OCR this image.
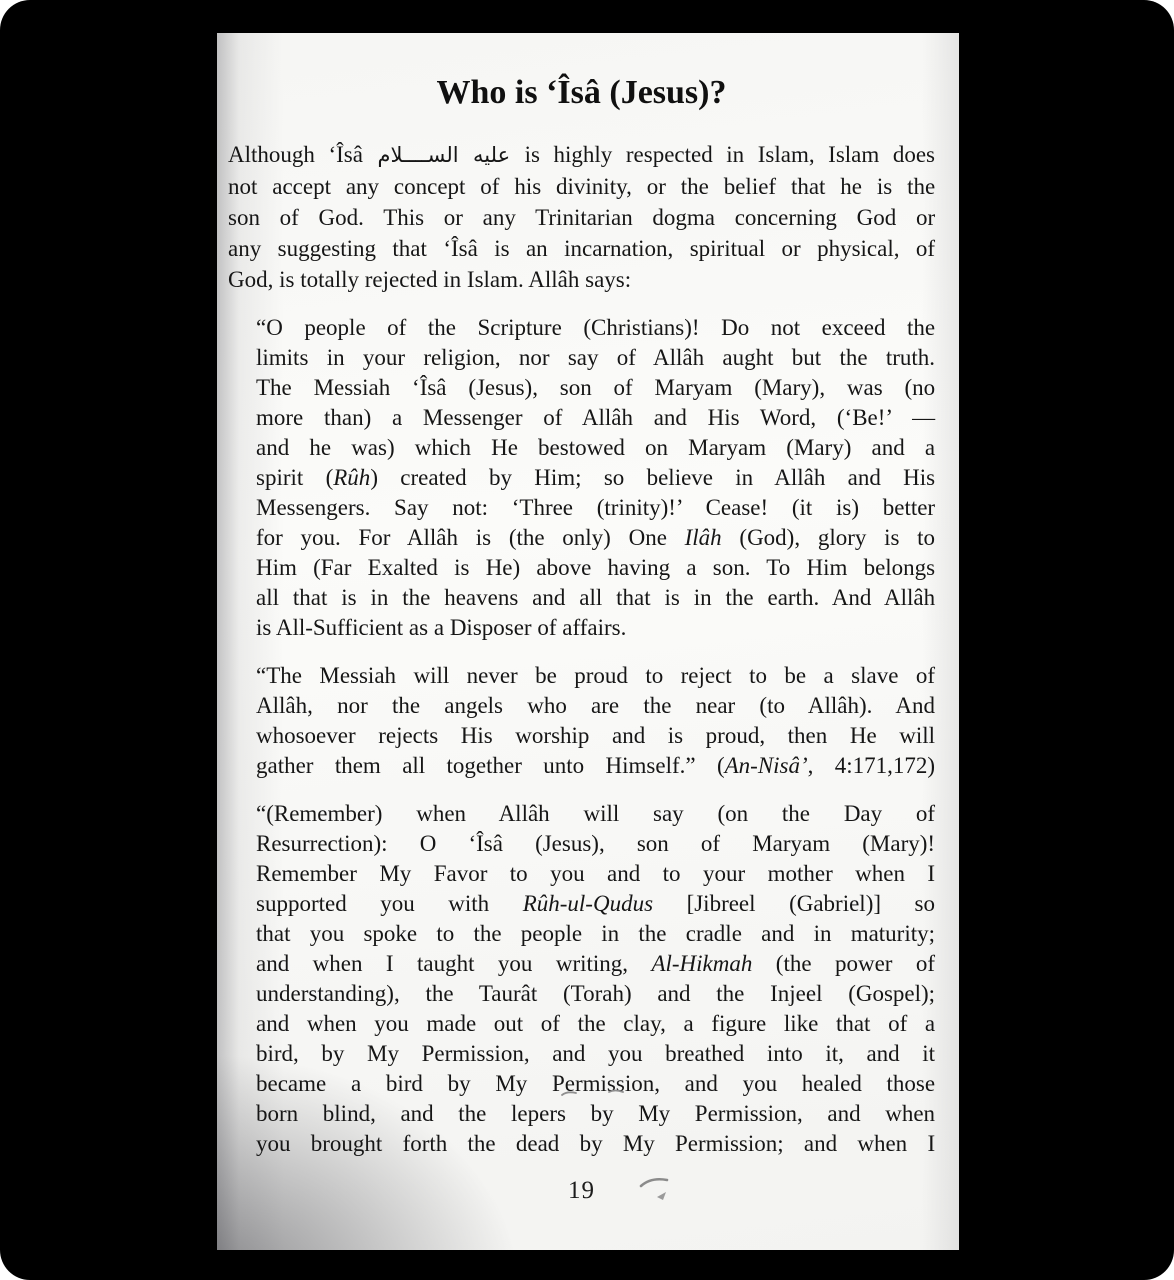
Who is ‘Îsâ (Jesus)?
Although ‘Îsâ عليه الســــلام is highly respected in Islam, Islam does
not accept any concept of his divinity, or the belief that he is the
son of God. This or any Trinitarian dogma concerning God or
any suggesting that ‘Îsâ is an incarnation, spiritual or physical, of
God, is totally rejected in Islam. Allâh says:
“O people of the Scripture (Christians)! Do not exceed the
limits in your religion, nor say of Allâh aught but the truth.
The Messiah ‘Îsâ (Jesus), son of Maryam (Mary), was (no
more than) a Messenger of Allâh and His Word, (‘Be!’ —
and he was) which He bestowed on Maryam (Mary) and a
spirit (Rûh) created by Him; so believe in Allâh and His
Messengers. Say not: ‘Three (trinity)!’ Cease! (it is) better
for you. For Allâh is (the only) One Ilâh (God), glory is to
Him (Far Exalted is He) above having a son. To Him belongs
all that is in the heavens and all that is in the earth. And Allâh
is All-Sufficient as a Disposer of affairs.
“The Messiah will never be proud to reject to be a slave of
Allâh, nor the angels who are the near (to Allâh). And
whosoever rejects His worship and is proud, then He will
gather them all together unto Himself.” (An-Nisâ’, 4:171,172)
“(Remember) when Allâh will say (on the Day of
Resurrection): O ‘Îsâ (Jesus), son of Maryam (Mary)!
Remember My Favor to you and to your mother when I
supported you with Rûh-ul-Qudus [Jibreel (Gabriel)] so
that you spoke to the people in the cradle and in maturity;
and when I taught you writing, Al-Hikmah (the power of
understanding), the Taurât (Torah) and the Injeel (Gospel);
and when you made out of the clay, a figure like that of a
bird, by My Permission, and you breathed into it, and it
became a bird by My Permission, and you healed those
born blind, and the lepers by My Permission, and when
you brought forth the dead by My Permission; and when I
19
